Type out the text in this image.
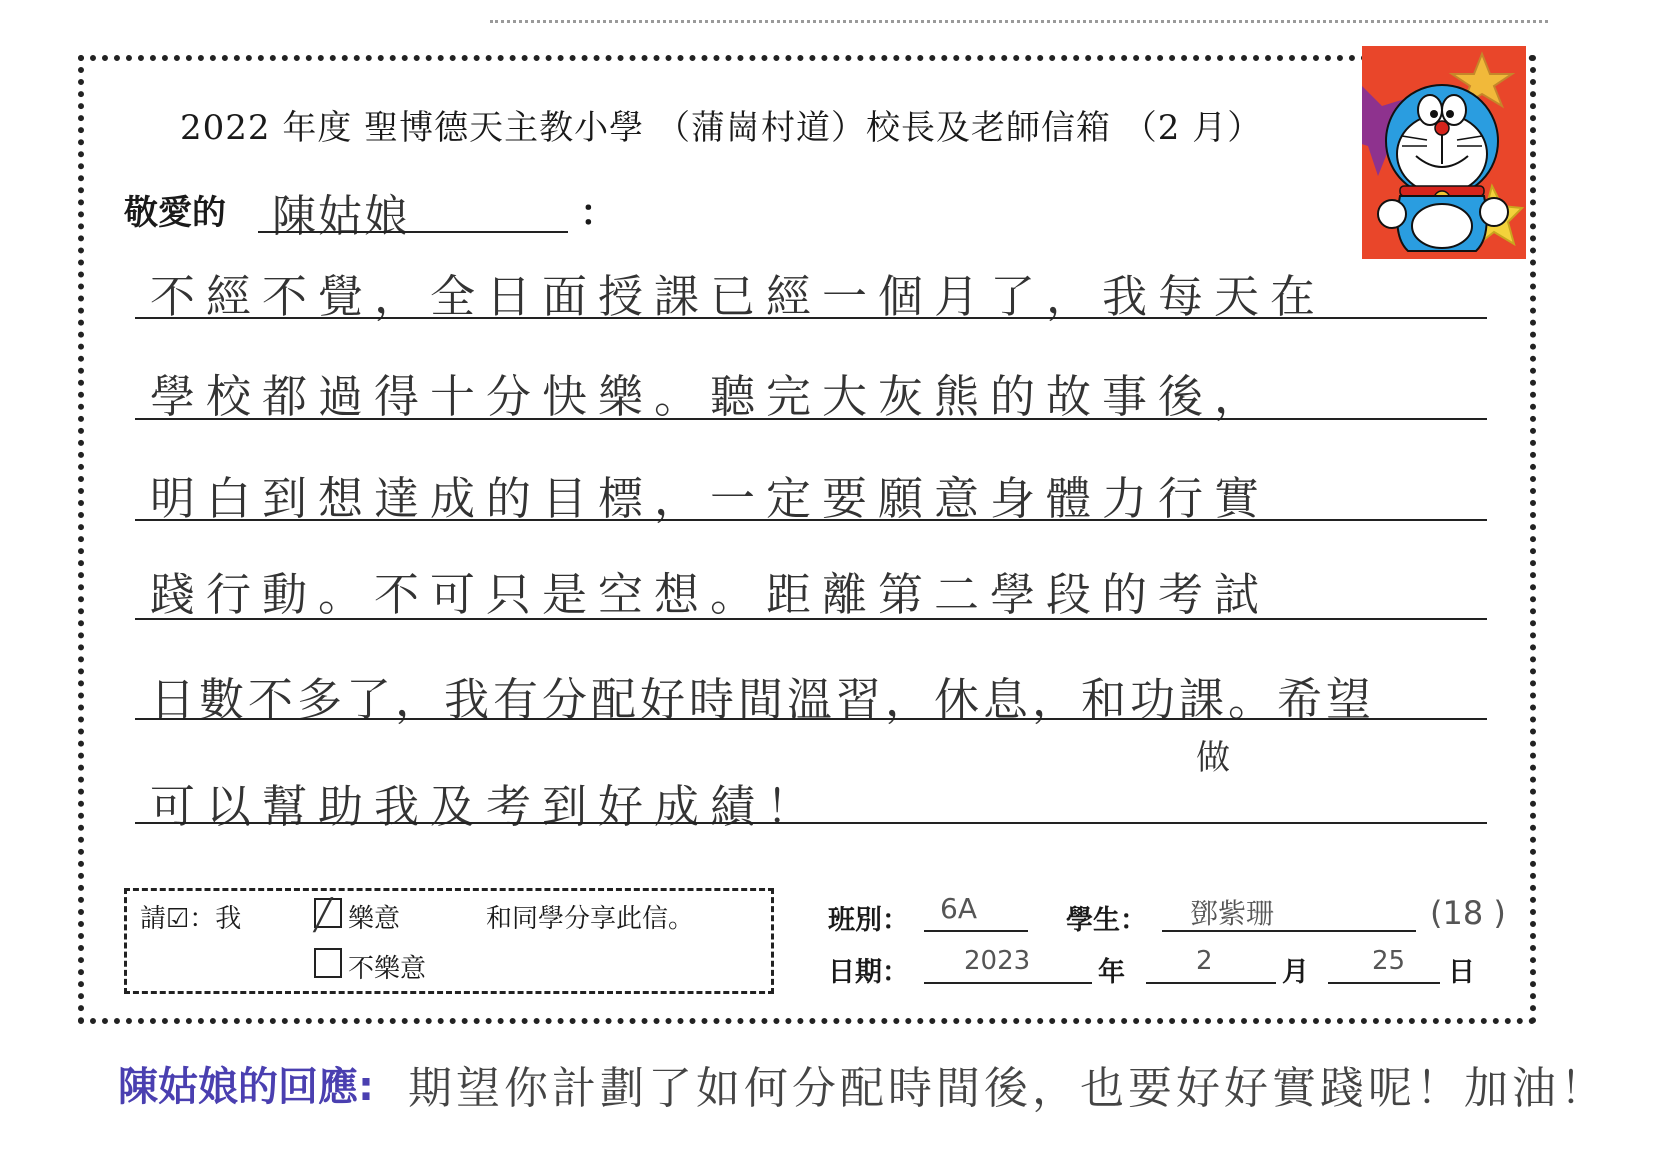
2022 年度 聖博德天主教小學 （蒲崗村道）校長及老師信箱 （2 月）
敬愛的 陳姑娘	：
不經不覺，全日面授課已經一個月了，我每天在
學校都過得十分快樂。聽完大灰熊的故事後，
明白到想達成的目標，一定要願意身體力行實
踐行動。不可只是空想。距離第二學段的考試
日數不多了，我有分配好時間溫習，休息，和功課。希望
做
可以幫助我及考到好成績！
請☑：我 ╱ 樂意	和同學分享此信。
不樂意
班別： 6A	學生： 鄧紫珊	(18 )
日期： 2023	年	2	月 25 日
陳姑娘的回應: 期望你計劃了如何分配時間後，也要好好實踐呢！加油！
